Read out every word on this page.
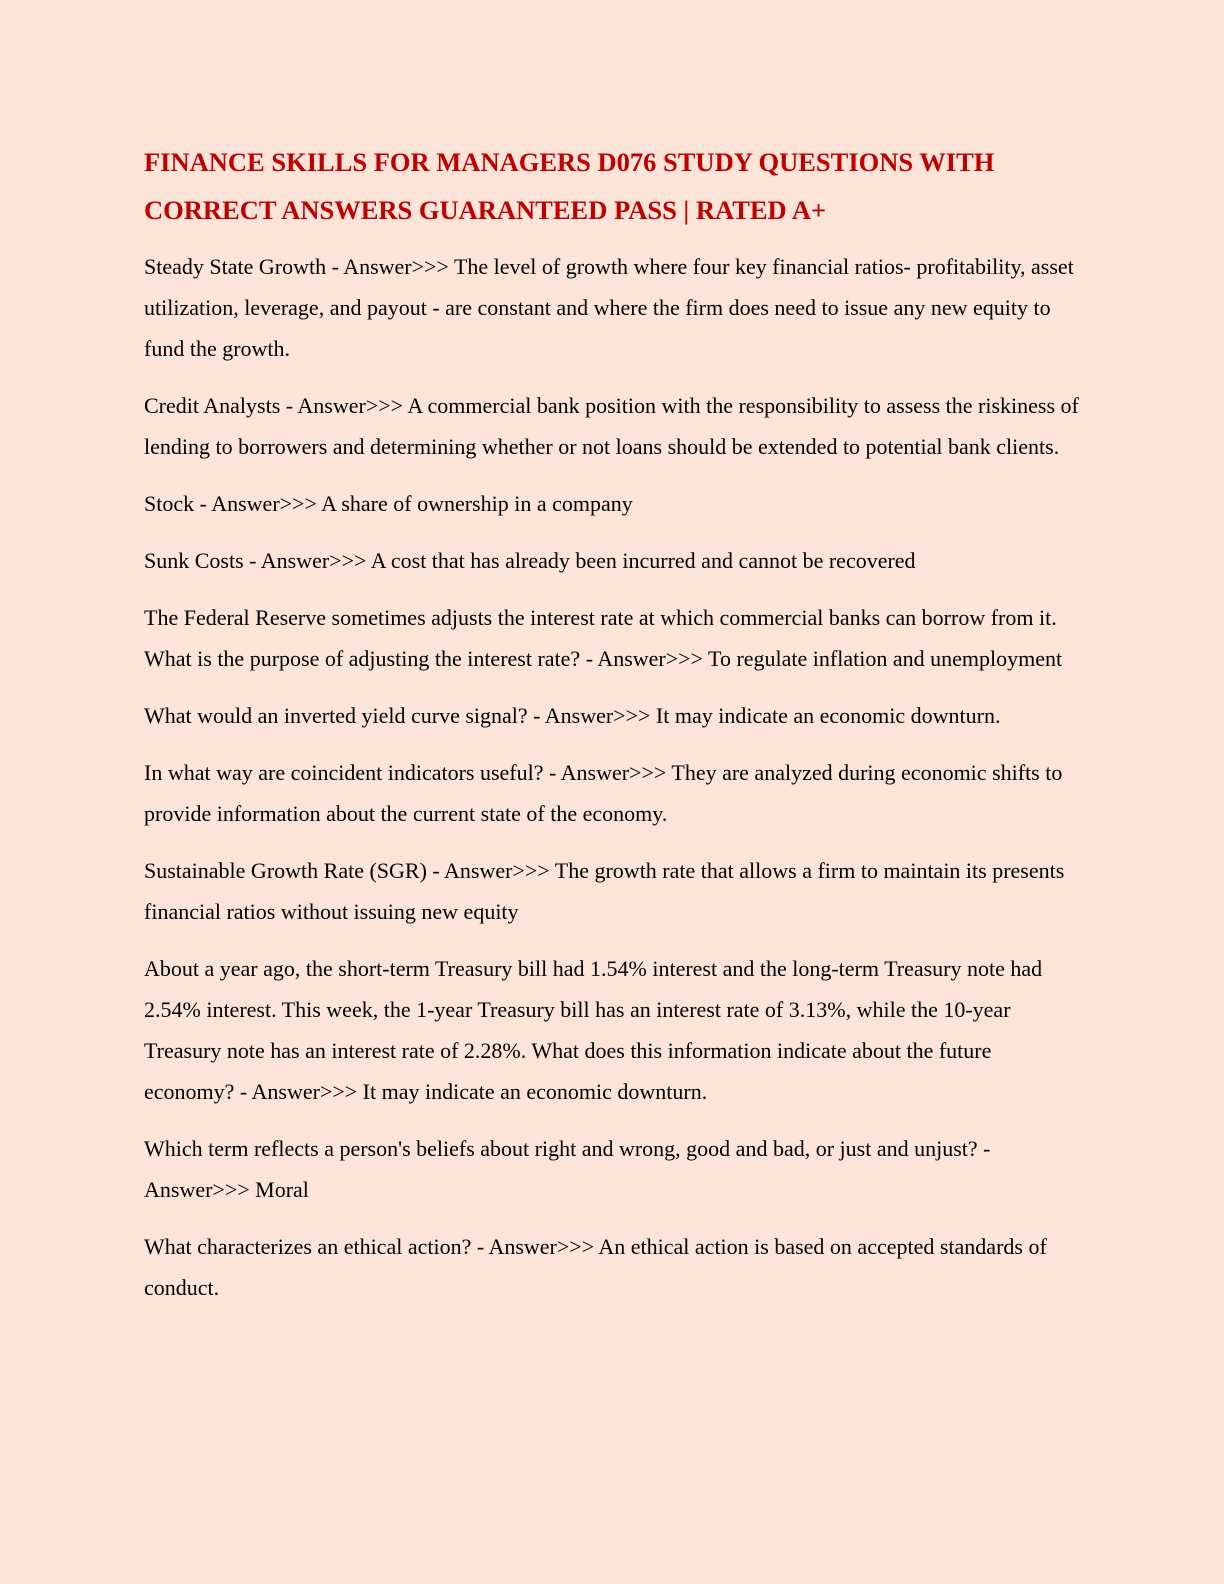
FINANCE SKILLS FOR MANAGERS D076 STUDY QUESTIONS WITH CORRECT ANSWERS GUARANTEED PASS | RATED A+

Steady State Growth - Answer>>> The level of growth where four key financial ratios- profitability, asset utilization, leverage, and payout - are constant and where the firm does need to issue any new equity to fund the growth.

Credit Analysts - Answer>>> A commercial bank position with the responsibility to assess the riskiness of lending to borrowers and determining whether or not loans should be extended to potential bank clients.

Stock - Answer>>> A share of ownership in a company

Sunk Costs - Answer>>> A cost that has already been incurred and cannot be recovered

The Federal Reserve sometimes adjusts the interest rate at which commercial banks can borrow from it. What is the purpose of adjusting the interest rate? - Answer>>> To regulate inflation and unemployment

What would an inverted yield curve signal? - Answer>>> It may indicate an economic downturn.

In what way are coincident indicators useful? - Answer>>> They are analyzed during economic shifts to provide information about the current state of the economy.

Sustainable Growth Rate (SGR) - Answer>>> The growth rate that allows a firm to maintain its presents financial ratios without issuing new equity

About a year ago, the short-term Treasury bill had 1.54% interest and the long-term Treasury note had 2.54% interest. This week, the 1-year Treasury bill has an interest rate of 3.13%, while the 10-year Treasury note has an interest rate of 2.28%. What does this information indicate about the future economy? - Answer>>> It may indicate an economic downturn.

Which term reflects a person's beliefs about right and wrong, good and bad, or just and unjust? - Answer>>> Moral

What characterizes an ethical action? - Answer>>> An ethical action is based on accepted standards of conduct.
